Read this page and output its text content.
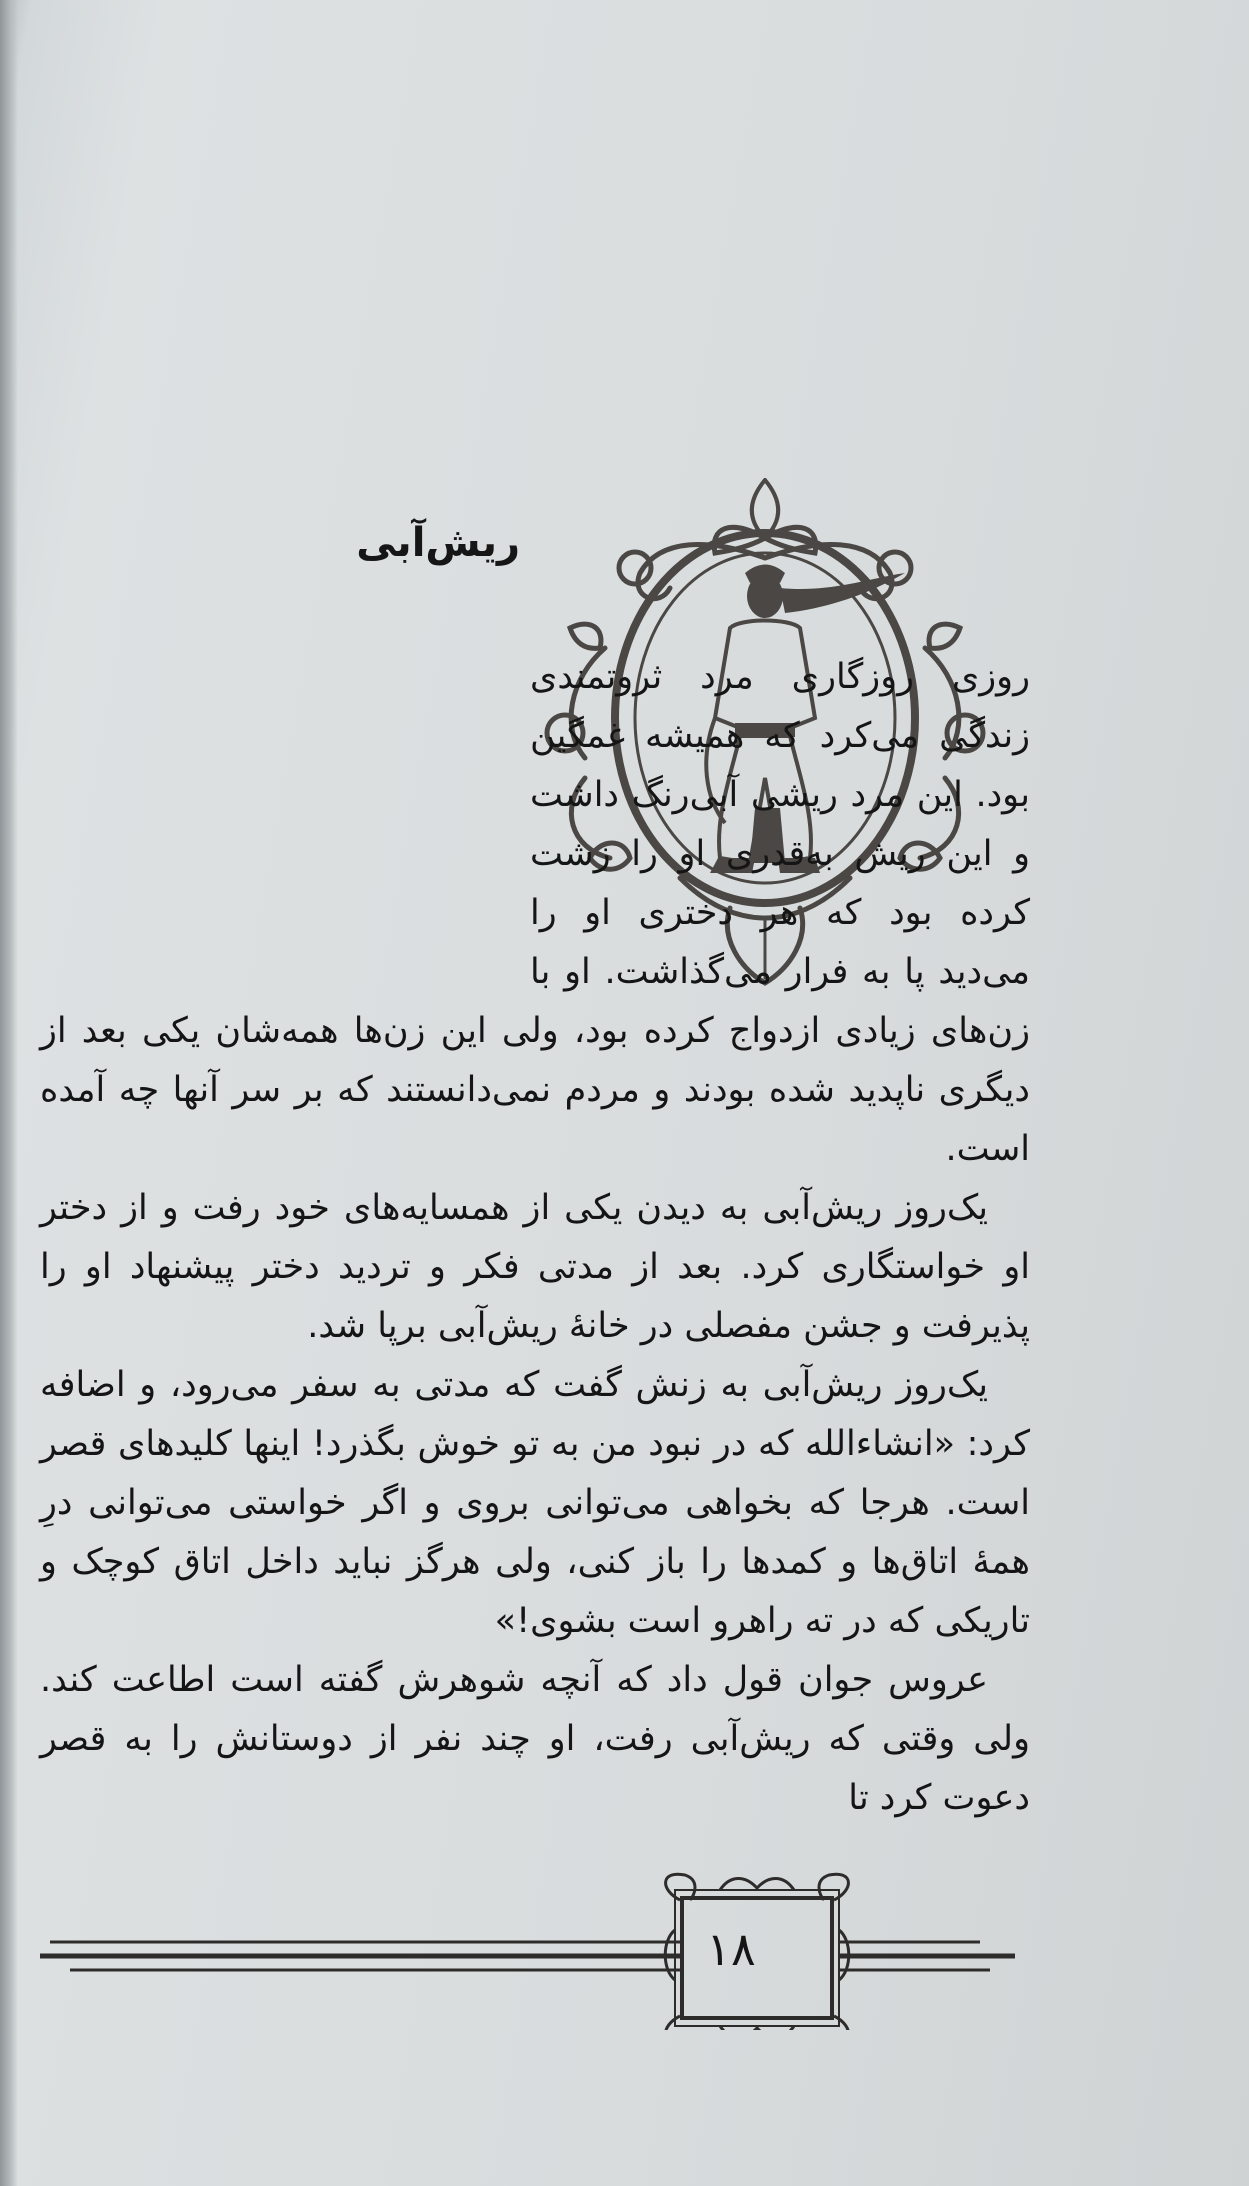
ریش‌آبی

روزی روزگاری مرد ثروتمندی زندگی می‌کرد که همیشه غمگین بود. این مرد ریشی آبی‌رنگ داشت و این ریش به‌قدری او را زشت کرده بود که هر دختری او را می‌دید پا به فرار می‌گذاشت. او با زن‌های زیادی ازدواج کرده بود، ولی این زن‌ها همه‌شان یکی بعد از دیگری ناپدید شده بودند و مردم نمی‌دانستند که بر سر آنها چه آمده است.

یک‌روز ریش‌آبی به دیدن یکی از همسایه‌های خود رفت و از دختر او خواستگاری کرد. بعد از مدتی فکر و تردید دختر پیشنهاد او را پذیرفت و جشن مفصلی در خانهٔ ریش‌آبی برپا شد.

یک‌روز ریش‌آبی به زنش گفت که مدتی به سفر می‌رود، و اضافه کرد: «انشاءالله که در نبود من به تو خوش بگذرد! اینها کلیدهای قصر است. هرجا که بخواهی می‌توانی بروی و اگر خواستی می‌توانی درِ همهٔ اتاق‌ها و کمدها را باز کنی، ولی هرگز نباید داخل اتاق کوچک و تاریکی که در ته راهرو است بشوی!»

عروس جوان قول داد که آنچه شوهرش گفته است اطاعت کند. ولی وقتی که ریش‌آبی رفت، او چند نفر از دوستانش را به قصر دعوت کرد تا

۱۸
